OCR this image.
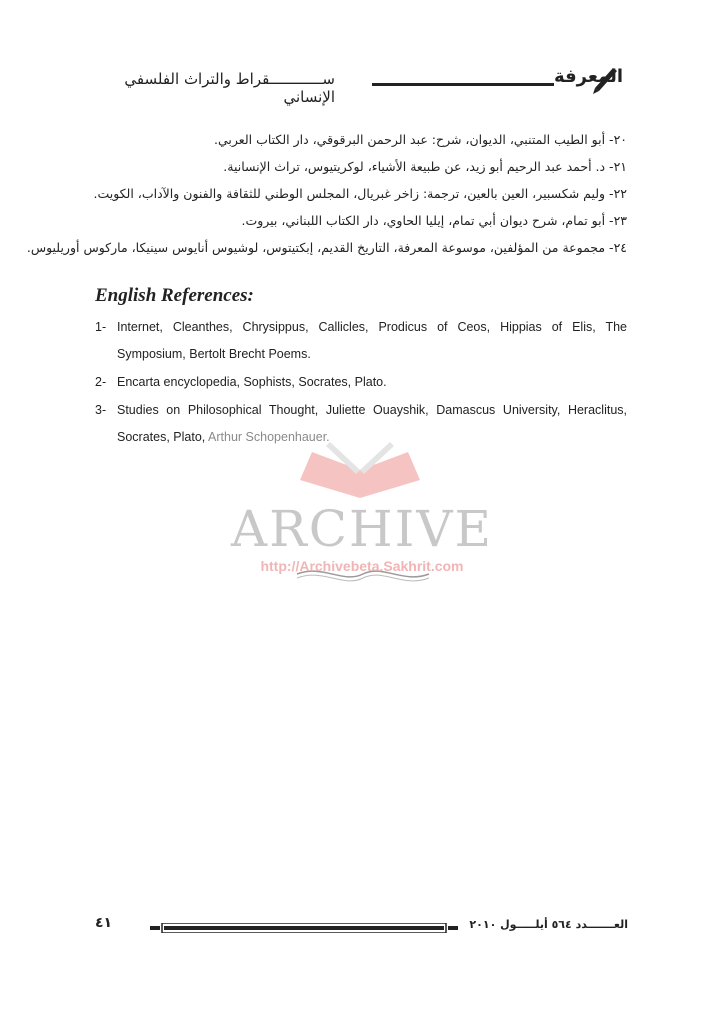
المعرفة
ســــــــــــقراط والتراث الفلسفي الإنساني
٢٠- أبو الطيب المتنبي، الديوان، شرح: عبد الرحمن البرقوقي، دار الكتاب العربي.
٢١- د. أحمد عبد الرحيم أبو زيد، عن طبيعة الأشياء، لوكريتيوس، تراث الإنسانية.
٢٢- وليم شكسبير، العين بالعين، ترجمة: زاخر غبريال، المجلس الوطني للثقافة والفنون والآداب، الكويت.
٢٣- أبو تمام، شرح ديوان أبي تمام، إيليا الحاوي، دار الكتاب اللبناني، بيروت.
٢٤- مجموعة من المؤلفين، موسوعة المعرفة، التاريخ القديم، إبكتيتوس، لوشيوس أنايوس سينيكا، ماركوس أوريليوس.
English References:
1- Internet, Cleanthes, Chrysippus, Callicles, Prodicus of Ceos, Hippias of Elis, The Symposium, Bertolt Brecht Poems.
2- Encarta encyclopedia, Sophists, Socrates, Plato.
3- Studies on Philosophical Thought, Juliette Ouayshik, Damascus University, Heraclitus, Socrates, Plato, Arthur Schopenhauer.
ARCHIVE
http://Archivebeta.Sakhrit.com
٤١	العـــــــدد ٥٦٤ أيلـــــول ٢٠١٠
